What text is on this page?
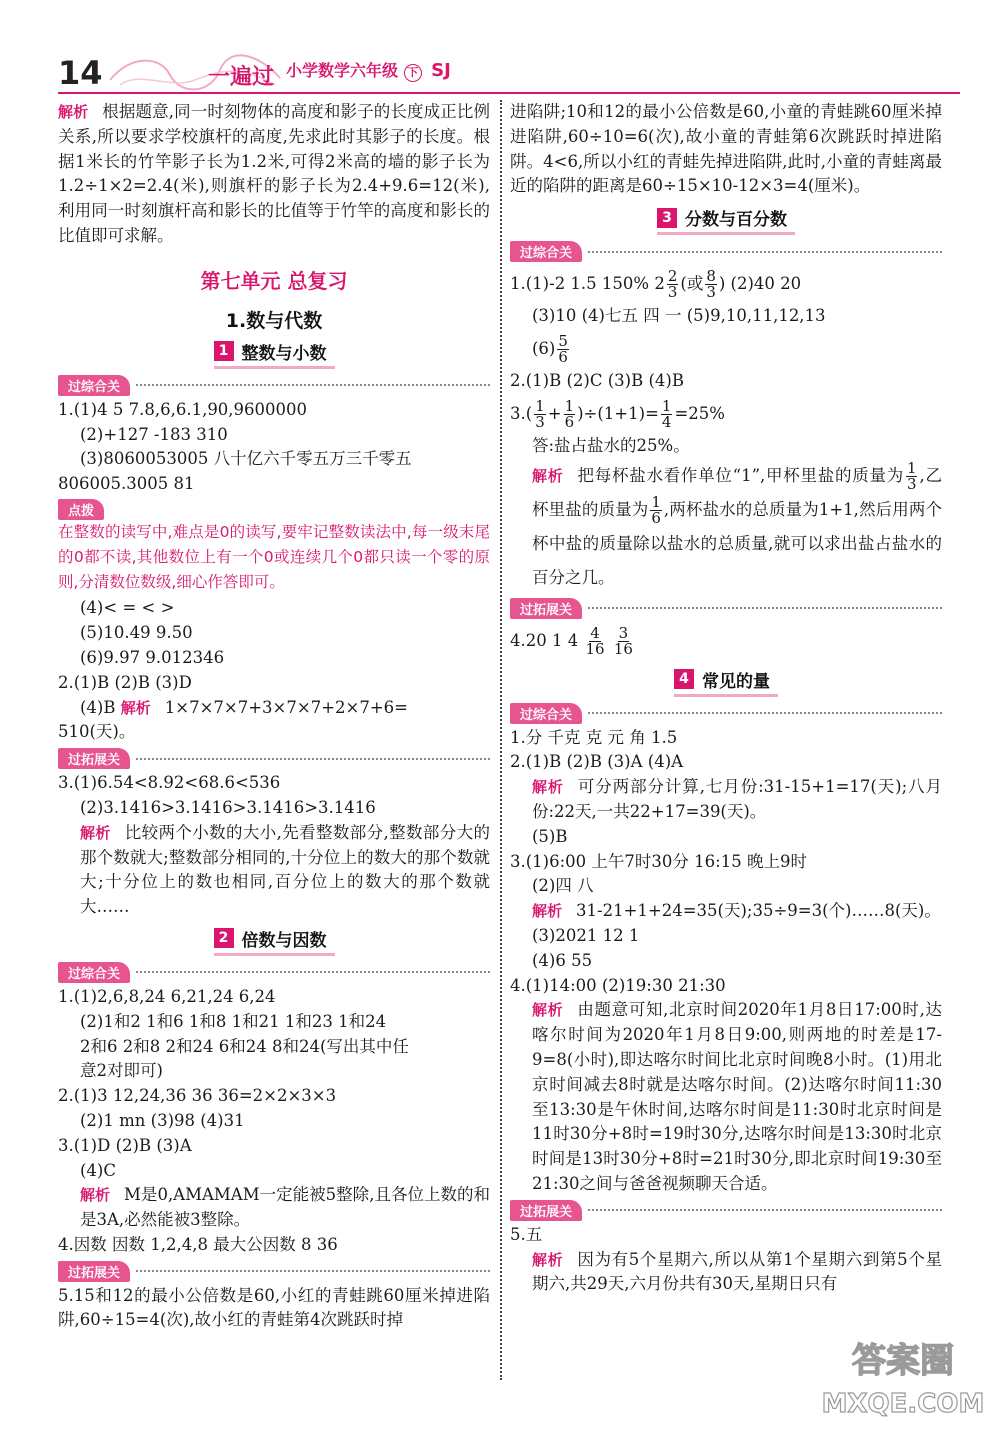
14	一遍过 小学数学六年级 下 SJ

解析 根据题意,同一时刻物体的高度和影子的长度成正比例关系,所以要求学校旗杆的高度,先求此时其影子的长度。根据1米长的竹竿影子长为1.2米,可得2米高的墙的影子长为1.2÷1×2=2.4(米),则旗杆的影子长为2.4+9.6=12(米),利用同一时刻旗杆高和影长的比值等于竹竿的高度和影长的比值即可求解。

第七单元 总复习
1.数与代数
1 整数与小数
过综合关

1.(1)4 5 7.8,6,6.1,90,9600000

(2)+127 -183 310

(3)8060053005 八十亿六千零五万三千零五

806005.3005 81

点拨

在整数的读写中,难点是0的读写,要牢记整数读法中,每一级末尾的0都不读,其他数位上有一个0或连续几个0都只读一个零的原则,分清数位数级,细心作答即可。

(4)< = < >

(5)10.49 9.50

(6)9.97 9.012346

2.(1)B (2)B (3)D

(4)B 解析 1×7×7×7+3×7×7+2×7+6=

510(天)。

过拓展关

3.(1)6.54<8.92<68.6<536

(2)3.1416>3.1416>3.1416>3.1416

解析 比较两个小数的大小,先看整数部分,整数部分大的那个数就大;整数部分相同的,十分位上的数大的那个数就大;十分位上的数也相同,百分位上的数大的那个数就大……

2 倍数与因数
过综合关

1.(1)2,6,8,24 6,21,24 6,24

(2)1和2 1和6 1和8 1和21 1和23 1和24

2和6 2和8 2和24 6和24 8和24(写出其中任

意2对即可)

2.(1)3 12,24,36 36 36=2×2×3×3

(2)1 mn (3)98 (4)31

3.(1)D (2)B (3)A

(4)C

解析 M是0,AMAMAM一定能被5整除,且各位上数的和是3A,必然能被3整除。

4.因数 因数 1,2,4,8 最大公因数 8 36

过拓展关

5.15和12的最小公倍数是60,小红的青蛙跳60厘米掉进陷阱,60÷15=4(次),故小红的青蛙第4次跳跃时掉

进陷阱;10和12的最小公倍数是60,小童的青蛙跳60厘米掉进陷阱,60÷10=6(次),故小童的青蛙第6次跳跃时掉进陷阱。4<6,所以小红的青蛙先掉进陷阱,此时,小童的青蛙离最近的陷阱的距离是60÷15×10-12×3=4(厘米)。

3 分数与百分数
过综合关

1.(1)-2 1.5 150% $2 \frac{2}{3}$ (或 $\frac{8}{3}$ ) (2)40 20

(3)10 (4)七五 四 一 (5)9,10,11,12,13

$(6) \frac{5}{6}$

2.(1)B (2)C (3)B (4)B

$3.( \frac{1}{3} + \frac{1}{6} )\div(1+1)= \frac{1}{4} =25\%$

答:盐占盐水的25%。

解析 把每杯盐水看作单位“1”,甲杯里盐的质量为 $\frac{1}{3}$ ,乙杯里盐的质量为 $\frac{1}{6}$ ,两杯盐水的总质量为1+1,然后用两个杯中盐的质量除以盐水的总质量,就可以求出盐占盐水的百分之几。

过拓展关

4.20 1 $4 \frac{4}{16}$
$\frac{3}{16}$

4 常见的量
过综合关

1.分 千克 克 元 角 1.5

2.(1)B (2)B (3)A (4)A

解析 可分两部分计算,七月份:31-15+1=17(天);八月份:22天,一共22+17=39(天)。

(5)B

3.(1)6:00 上午7时30分 16:15 晚上9时

(2)四 八

解析 31-21+1+24=35(天);35÷9=3(个)……8(天)。

(3)2021 12 1

(4)6 55

4.(1)14:00 (2)19:30 21:30

解析 由题意可知,北京时间2020年1月8日17:00时,达喀尔时间为2020年1月8日9:00,则两地的时差是17-9=8(小时),即达喀尔时间比北京时间晚8小时。(1)用北京时间减去8时就是达喀尔时间。(2)达喀尔时间11:30至13:30是午休时间,达喀尔时间是11:30时北京时间是11时30分+8时=19时30分,达喀尔时间是13:30时北京时间是13时30分+8时=21时30分,即北京时间19:30至21:30之间与爸爸视频聊天合适。

过拓展关

5.五

解析 因为有5个星期六,所以从第1个星期六到第5个星期六,共29天,六月份共有30天,星期日只有

答案圈
MXQE.COM
